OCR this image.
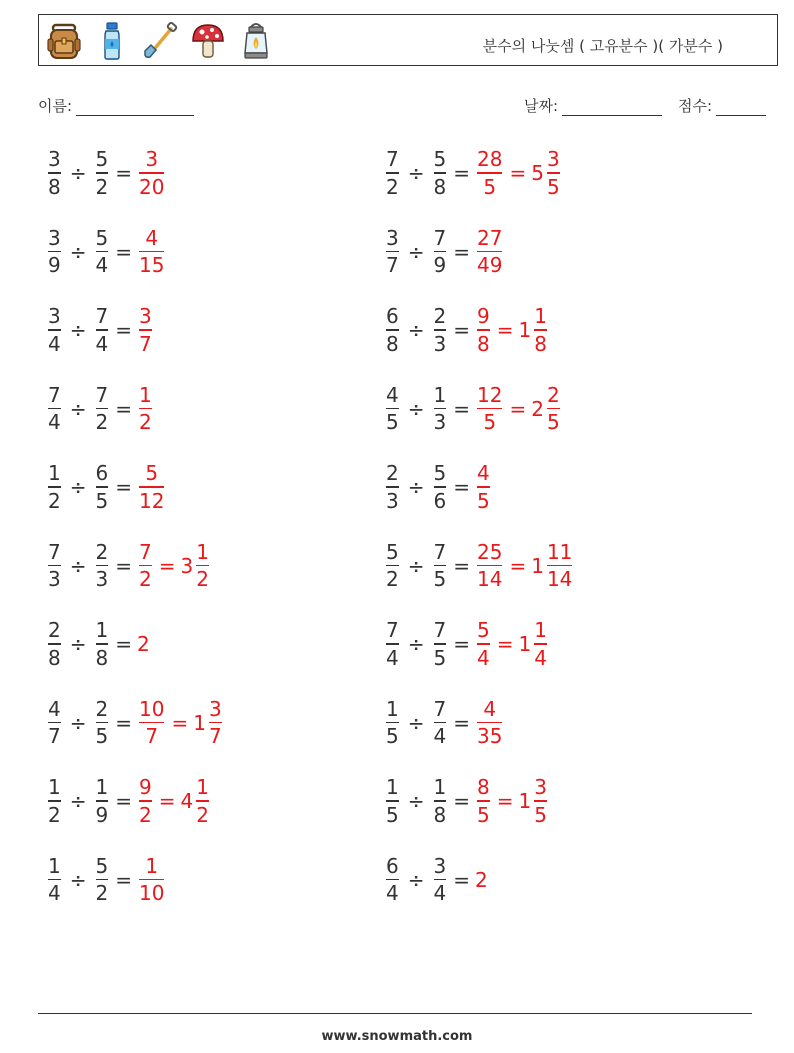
분수의 나눗셈 ( 고유분수 )( 가분수 )
이름:	날짜:	점수:
$\frac{3}{8} \div \frac{5}{2} = \frac{3}{20}$	$\frac{7}{2} \div \frac{5}{8} = \frac{28}{5} = 5 \frac{3}{5}$
$\frac{3}{9} \div \frac{5}{4} = \frac{4}{15}$	$\frac{3}{7} \div \frac{7}{9} = \frac{27}{49}$
$\frac{3}{4} \div \frac{7}{4} = \frac{3}{7}$	$\frac{6}{8} \div \frac{2}{3} = \frac{9}{8} = 1 \frac{1}{8}$
$\frac{7}{4} \div \frac{7}{2} = \frac{1}{2}$	$\frac{4}{5} \div \frac{1}{3} = \frac{12}{5} = 2 \frac{2}{5}$
$\frac{1}{2} \div \frac{6}{5} = \frac{5}{12}$	$\frac{2}{3} \div \frac{5}{6} = \frac{4}{5}$
$\frac{7}{3} \div \frac{2}{3} = \frac{7}{2} = 3 \frac{1}{2}$	$\frac{5}{2} \div \frac{7}{5} = \frac{25}{14} = 1 \frac{11}{14}$
$\frac{2}{8} \div \frac{1}{8} = 2$	$\frac{7}{4} \div \frac{7}{5} = \frac{5}{4} = 1 \frac{1}{4}$
$\frac{4}{7} \div \frac{2}{5} = \frac{10}{7} = 1 \frac{3}{7}$	$\frac{1}{5} \div \frac{7}{4} = \frac{4}{35}$
$\frac{1}{2} \div \frac{1}{9} = \frac{9}{2} = 4 \frac{1}{2}$	$\frac{1}{5} \div \frac{1}{8} = \frac{8}{5} = 1 \frac{3}{5}$
$\frac{1}{4} \div \frac{5}{2} = \frac{1}{10}$	$\frac{6}{4} \div \frac{3}{4} = 2$
www.snowmath.com
